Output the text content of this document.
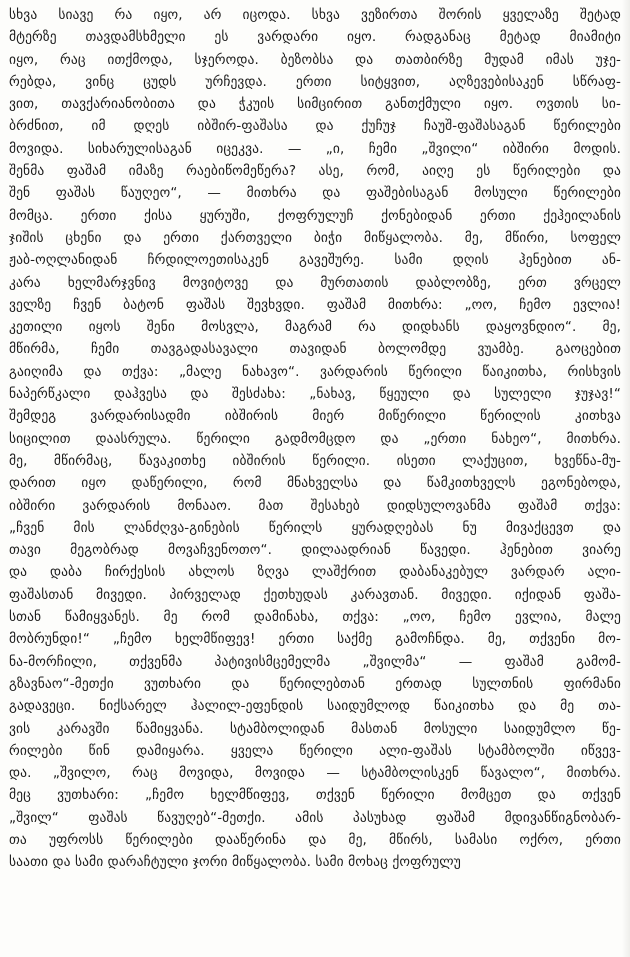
სხვა სიავე რა იყო, არ იცოდა. სხვა ვეზირთა შორის ყველაზე შეტად
მტერზე თავდამსხმელი ეს ვარდარი იყო. რადგანაც მეტად მიამიტი
იყო, რაც ითქმოდა, სჯეროდა. ბეზობსა და თათბირზე მუდამ იმას უჯე-
რებდა, ვინც ცუდს ურჩევდა. ერთი სიტყვით, აღზევებისაკენ სწრაფ-
ვით, თავქარიანობითა და ჭკუის სიმცირით განთქმული იყო. ოვთის სი-
ბრძნით, იმ დღეს იბშირ-ფაშასა და ქუჩუჯ ჩაუშ-ფაშასაგან წერილები
მოვიდა. სიხარულისაგან იცეკვა. — „ი, ჩემი „შვილი“ იბშირი მოდის.
შენმა ფაშამ იმაზე რაებიწომეწერა? ასე, რომ, აიღე ეს წერილები და
შენ ფაშას წაუღეო“, — მითხრა და ფაშებისაგან მოსული წერილები
მომცა. ერთი ქისა ყურუში, ქოფრულუჩ ქონებიდან ერთი ქეჰეილანის
ჯიშის ცხენი და ერთი ქართველი ბიჭი მიწყალობა. მე, მწირი, სოფელ
ჟაბ-ოღლანიდან ჩრდილოეთისაკენ გავეშურე. სამი დღის ჰენებით ან-
კარა ხელმარჯვნივ მოვიტოვე და მურთათის დაბლობზე, ერთ ვრცელ
ველზე ჩვენ ბატონ ფაშას შევხვდი. ფაშამ მითხრა: „ოო, ჩემო ევლია!
კეთილი იყოს შენი მოსვლა, მაგრამ რა დიდხანს დაყოვნდიო“. მე,
მწირმა, ჩემი თავგადასავალი თავიდან ბოლომდე ვუამბე. გაოცებით
გაიღიმა და თქვა: „მალე ნახავო“. ვარდარის წერილი წაიკითხა, რისხვის
ნაპერწკალი დაჰვესა და შესძახა: „ნახავ, წყეული და სულელი ჯუჯავ!“
შემდეგ ვარდარისადმი იბშირის მიერ მიწერილი წერილის კითხვა
სიცილით დაასრულა. წერილი გადმომცდო და „ერთი ნახეო“, მითხრა.
მე, მწირმაც, წავაკითხე იბშირის წერილი. ისეთი ლაქუცით, ხვეწნა-მუ-
დარით იყო დაწერილი, რომ მნახველსა და წამკითხველს ეგონებოდა,
იბშირი ვარდარის მონააო. მათ შესახებ დიდსულოვანმა ფაშამ თქვა:
„ჩვენ მის ლანძღვა-გინების წერილს ყურადღებას ნუ მივაქცევთ და
თავი მეგობრად მოვაჩვენოთო“. დილაადრიან წავედი. ჰენებით ვიარე
და დაბა ჩირქესის ახლოს ზღვა ლაშქრით დაბანაკებულ ვარდარ ალი-
ფაშასთან მივედი. პირველად ქეთხუდას კარავთან. მივედი. იქიდან ფაშა-
სთან წამიყვანეს. მე რომ დამინახა, თქვა: „ოო, ჩემო ევლია, მალე
მობრუნდი!“ „ჩემო ხელმწიფევ! ერთი საქმე გამოჩნდა. მე, თქვენი მო-
ნა-მორჩილი, თქვენმა პატივისმცემელმა „შვილმა“ — ფაშამ გამომ-
გზავნაო“-მეთქი ვუთხარი და წერილებთან ერთად სულთნის ფირმანი
გადავეცი. ნიქსარელ ჰალილ-ეფენდის საიდუმლოდ წაიკითხა და მე თა-
ვის კარავში წამიყვანა. სტამბოლიდან მასთან მოსული საიდუმლო წე-
რილები წინ დამიყარა. ყველა წერილი ალი-ფაშას სტამბოლში იწვევ-
და. „შვილო, რაც მოვიდა, მოვიდა — სტამბოლისკენ წავალო“, მითხრა.
მეც ვუთხარი: „ჩემო ხელმწიფევ, თქვენ წერილი მომცეთ და თქვენ
„შვილ“ ფაშას წავუღებ“-მეთქი. ამის პასუხად ფაშამ მდივანწიგნობარ-
თა უფროსს წერილები დააწერინა და მე, მწირს, სამასი ოქრო, ერთი
საათი და სამი დარაჩტული ჯორი მიწყალობა. სამი მოხაც ქოფრულუ
